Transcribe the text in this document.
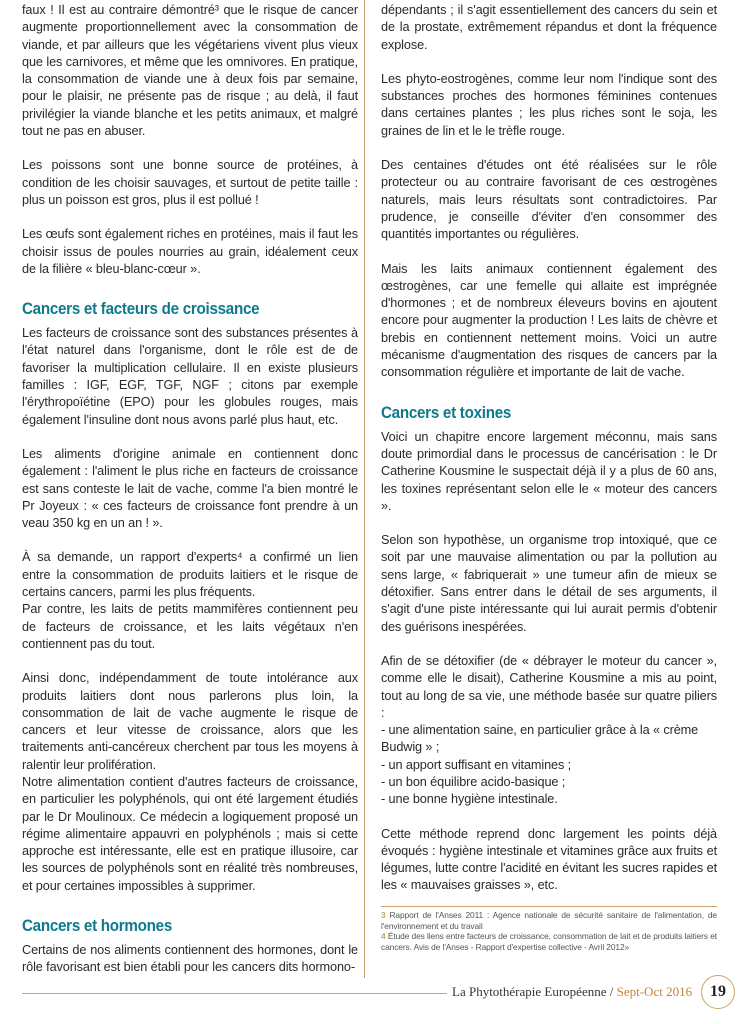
faux ! Il est au contraire démontré³ que le risque de cancer augmente proportionnellement avec la consommation de viande, et par ailleurs que les végétariens vivent plus vieux que les carnivores, et même que les omnivores. En pratique, la consommation de viande une à deux fois par semaine, pour le plaisir, ne présente pas de risque ; au delà, il faut privilégier la viande blanche et les petits animaux, et malgré tout ne pas en abuser.

Les poissons sont une bonne source de protéines, à condition de les choisir sauvages, et surtout de petite taille : plus un poisson est gros, plus il est pollué !

Les œufs sont également riches en protéines, mais il faut les choisir issus de poules nourries au grain, idéalement ceux de la filière « bleu-blanc-cœur ».

Cancers et facteurs de croissance

Les facteurs de croissance sont des substances présentes à l'état naturel dans l'organisme, dont le rôle est de de favoriser la multiplication cellulaire. Il en existe plusieurs familles : IGF, EGF, TGF, NGF ; citons par exemple l'érythropoïétine (EPO) pour les globules rouges, mais également l'insuline dont nous avons parlé plus haut, etc.

Les aliments d'origine animale en contiennent donc également : l'aliment le plus riche en facteurs de croissance est sans conteste le lait de vache, comme l'a bien montré le Pr Joyeux : « ces facteurs de croissance font prendre à un veau 350 kg en un an ! ».

À sa demande, un rapport d'experts⁴ a confirmé un lien entre la consommation de produits laitiers et le risque de certains cancers, parmi les plus fréquents.

Par contre, les laits de petits mammifères contiennent peu de facteurs de croissance, et les laits végétaux n'en contiennent pas du tout.

Ainsi donc, indépendamment de toute intolérance aux produits laitiers dont nous parlerons plus loin, la consommation de lait de vache augmente le risque de cancers et leur vitesse de croissance, alors que les traitements anti-cancéreux cherchent par tous les moyens à ralentir leur prolifération.

Notre alimentation contient d'autres facteurs de croissance, en particulier les polyphénols, qui ont été largement étudiés par le Dr Moulinoux. Ce médecin a logiquement proposé un régime alimentaire appauvri en polyphénols ; mais si cette approche est intéressante, elle est en pratique illusoire, car les sources de polyphénols sont en réalité très nombreuses, et pour certaines impossibles à supprimer.

Cancers et hormones

Certains de nos aliments contiennent des hormones, dont le rôle favorisant est bien établi pour les cancers dits hormono-

dépendants ; il s'agit essentiellement des cancers du sein et de la prostate, extrêmement répandus et dont la fréquence explose.

Les phyto-eostrogènes, comme leur nom l'indique sont des substances proches des hormones féminines contenues dans certaines plantes ; les plus riches sont le soja, les graines de lin et le le trèfle rouge.

Des centaines d'études ont été réalisées sur le rôle protecteur ou au contraire favorisant de ces œstrogènes naturels, mais leurs résultats sont contradictoires. Par prudence, je conseille d'éviter d'en consommer des quantités importantes ou régulières.

Mais les laits animaux contiennent également des œstrogènes, car une femelle qui allaite est imprégnée d'hormones ; et de nombreux éleveurs bovins en ajoutent encore pour augmenter la production ! Les laits de chèvre et brebis en contiennent nettement moins. Voici un autre mécanisme d'augmentation des risques de cancers par la consommation régulière et importante de lait de vache.

Cancers et toxines

Voici un chapitre encore largement méconnu, mais sans doute primordial dans le processus de cancérisation : le Dr Catherine Kousmine le suspectait déjà il y a plus de 60 ans, les toxines représentant selon elle le « moteur des cancers ».

Selon son hypothèse, un organisme trop intoxiqué, que ce soit par une mauvaise alimentation ou par la pollution au sens large, « fabriquerait » une tumeur afin de mieux se détoxifier. Sans entrer dans le détail de ses arguments, il s'agit d'une piste intéressante qui lui aurait permis d'obtenir des guérisons inespérées.

Afin de se détoxifier (de « débrayer le moteur du cancer », comme elle le disait), Catherine Kousmine a mis au point, tout au long de sa vie, une méthode basée sur quatre piliers :

- une alimentation saine, en particulier grâce à la « crème Budwig » ;
- un apport suffisant en vitamines ;
- un bon équilibre acido-basique ;
- une bonne hygiène intestinale.

Cette méthode reprend donc largement les points déjà évoqués : hygiène intestinale et vitamines grâce aux fruits et légumes, lutte contre l'acidité en évitant les sucres rapides et les « mauvaises graisses », etc.

3 Rapport de l'Anses 2011 : Agence nationale de sécurité sanitaire de l'alimentation, de l'environnement et du travail

4 Étude des liens entre facteurs de croissance, consommation de lait et de produits laitiers et cancers. Avis de l'Anses - Rapport d'expertise collective - Avril 2012»

La Phytothérapie Européenne / Sept-Oct 2016	19
